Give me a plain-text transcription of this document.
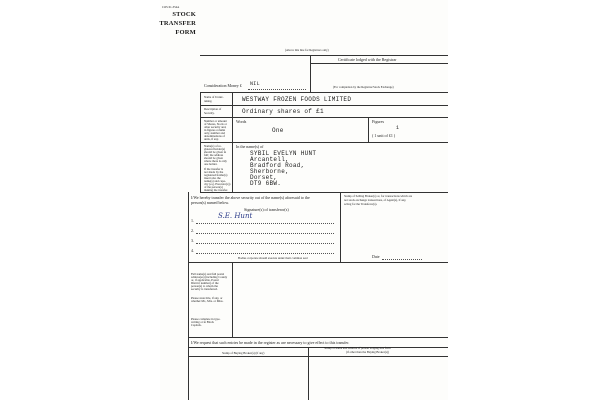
COS 61-354A
STOCK
TRANSFER
FORM
(Above this line for Registrars only)
Certificate lodged with the Registrar
Consideration Money £ NIL	(For completion by the Registrar/Stock Exchange)
Name of Under-
taking.	WESTWAY FROZEN FOODS LIMITED
Description of
Security.	Ordinary shares of £1
Number or amount
of Shares, Stock or
other security and,
in figures column
only, number and
denominations of
units, if any.
Words
One
Figures
1
( 1 unit of £1 )
Name(s) of re-
gistered holder(s)
should be given in
full; the address
should be given
where there is only
one holder.
If the transfer is
not made by the
registered holder(s)
insert also the
name(s) and capa-
city (e.g. Executor(s))
of the person(s)
making the transfer.
In the name(s) of
SYBIL EVELYN HUNT
Arcantell,
Bradford Road,
Sherborne,
Dorset,
DT9 6BW.
I/We hereby transfer the above security out of the name(s) aforesaid to the
person(s) named below.
Signature(s) of transferor(s)
1.
S.E. Hunt
2.
3.
4.
Bodies corporate should execute under their common seal
Stamp of Selling Broker(s) or, for transactions which are
not stock exchange transactions, of Agent(s), if any,
acting for the Transferor(s).
Date
Full name(s) and full postal
address(es) (including County
or, if applicable, Postal
District number) of the
person(s) to whom the
security is transferred.
Please state title, if any, or
whether Mr., Mrs. or Miss.
Please complete in type-
writing or in Block
Capitals.
I/We request that such entries be made in the register as are necessary to give effect to this transfer.
Stamp of Buying Broker(s) (if any)
Stamp or name and address of person lodging this form
(if other than the Buying Broker(s))
